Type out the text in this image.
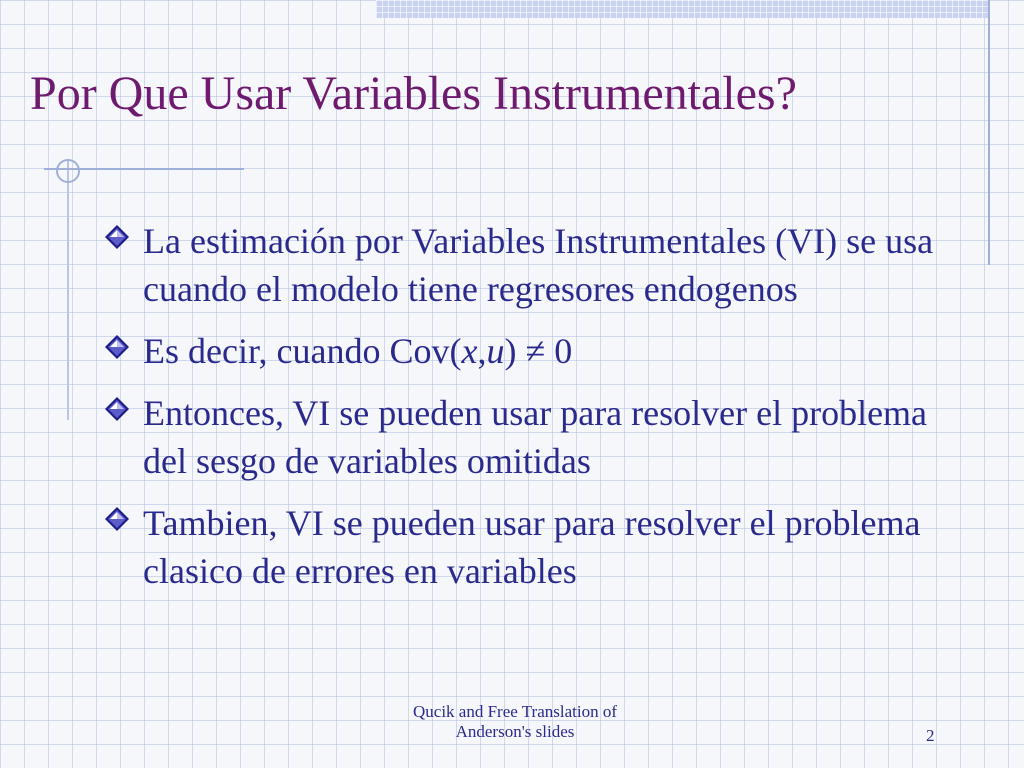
Por Que Usar Variables Instrumentales?
La estimación por Variables Instrumentales (VI) se usa cuando el modelo tiene regresores endogenos
Es decir, cuando Cov(x,u) ≠ 0
Entonces, VI se pueden usar para resolver el problema del sesgo de variables omitidas
Tambien, VI se pueden usar para resolver el problema clasico de errores en variables
Qucik and Free Translation of
Anderson's slides	2
